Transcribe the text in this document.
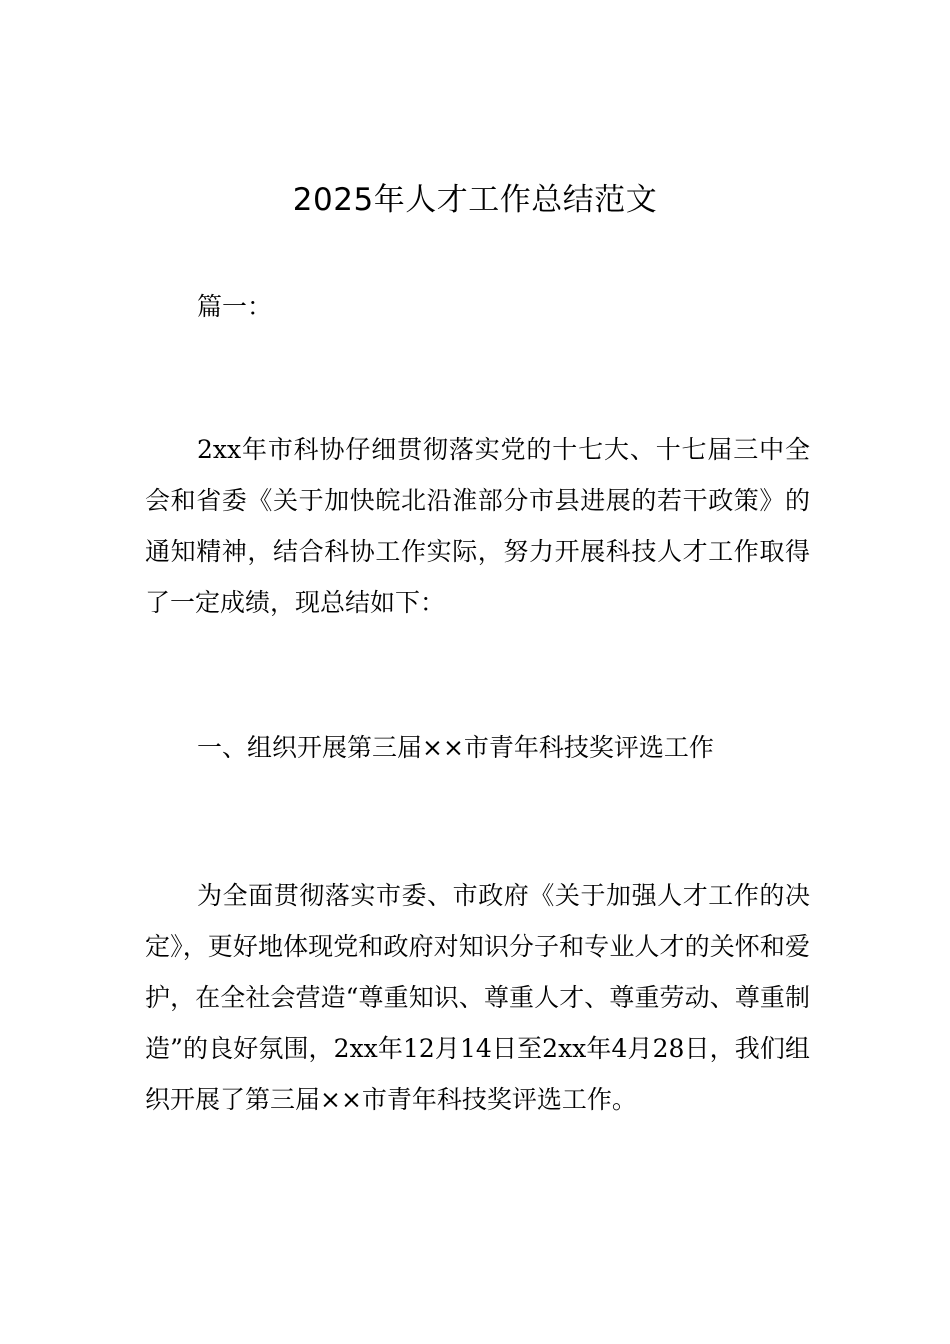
2025年人才工作总结范文

篇一：

2xx年市科协仔细贯彻落实党的十七大、十七届三中全会和省委《关于加快皖北沿淮部分市县进展的若干政策》的通知精神，结合科协工作实际，努力开展科技人才工作取得了一定成绩，现总结如下：

一、组织开展第三届××市青年科技奖评选工作

为全面贯彻落实市委、市政府《关于加强人才工作的决定》，更好地体现党和政府对知识分子和专业人才的关怀和爱护，在全社会营造“尊重知识、尊重人才、尊重劳动、尊重制造”的良好氛围，2xx年12月14日至2xx年4月28日，我们组织开展了第三届××市青年科技奖评选工作。
